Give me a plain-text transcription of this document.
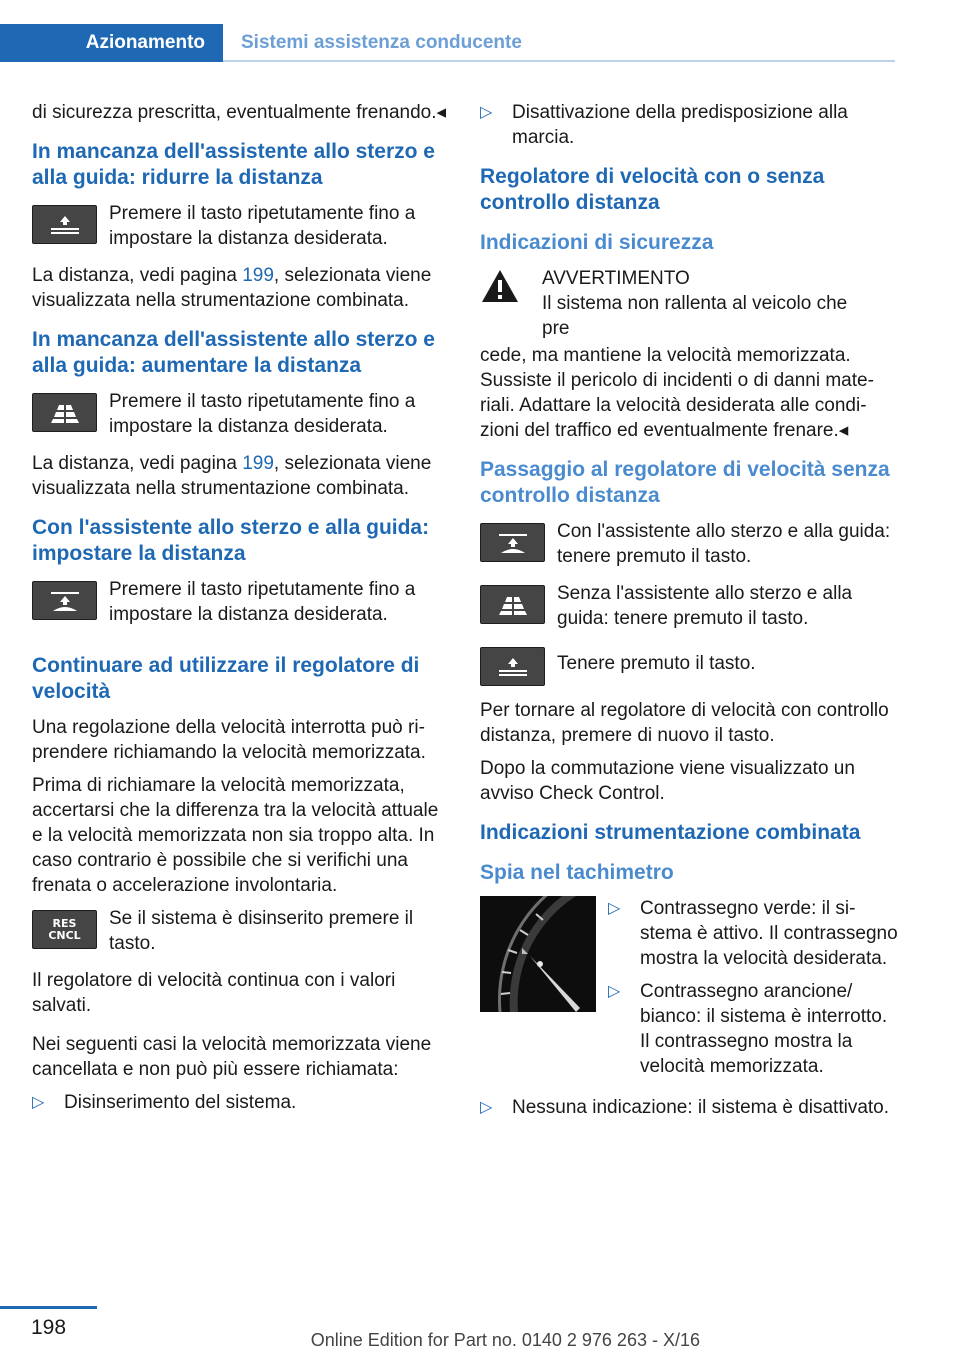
Azionamento	Sistemi assistenza conducente

di sicurezza prescritta, eventualmente frenando.◂

In mancanza dell'assistente allo sterzo e alla guida: ridurre la distanza
Premere il tasto ripetutamente fino a impostare la distanza desiderata.

La distanza, vedi pagina 199, selezionata viene visualizzata nella strumentazione combinata.

In mancanza dell'assistente allo sterzo e alla guida: aumentare la distanza
Premere il tasto ripetutamente fino a impostare la distanza desiderata.

La distanza, vedi pagina 199, selezionata viene visualizzata nella strumentazione combinata.

Con l'assistente allo sterzo e alla guida: impostare la distanza
Premere il tasto ripetutamente fino a impostare la distanza desiderata.
Continuare ad utilizzare il regolatore di velocità

Una regolazione della velocità interrotta può riprendere richiamando la velocità memorizzata.

Prima di richiamare la velocità memorizzata, accertarsi che la differenza tra la velocità attuale e la velocità memorizzata non sia troppo alta. In caso contrario è possibile che si verifichi una frenata o accelerazione involontaria.

RES
CNCL
Se il sistema è disinserito premere il tasto.

Il regolatore di velocità continua con i valori salvati.

Nei seguenti casi la velocità memorizzata viene cancellata e non può più essere richiamata:

▷ Disinserimento del sistema.
▷ Disattivazione della predisposizione alla marcia.
Regolatore di velocità con o senza controllo distanza
Indicazioni di sicurezza
AVVERTIMENTO
Il sistema non rallenta al veicolo che pre

cede, ma mantiene la velocità memorizzata. Sussiste il pericolo di incidenti o di danni materiali. Adattare la velocità desiderata alle condizioni del traffico ed eventualmente frenare.◂

Passaggio al regolatore di velocità senza controllo distanza
Con l'assistente allo sterzo e alla guida: tenere premuto il tasto.
Senza l'assistente allo sterzo e alla guida: tenere premuto il tasto.
Tenere premuto il tasto.

Per tornare al regolatore di velocità con controllo distanza, premere di nuovo il tasto.

Dopo la commutazione viene visualizzato un avviso Check Control.

Indicazioni strumentazione combinata
Spia nel tachimetro
▷ Contrassegno verde: il sistema è attivo. Il contrassegno mostra la velocità desiderata.
▷ Contrassegno arancione/ bianco: il sistema è interrotto. Il contrassegno mostra la velocità memorizzata.
▷ Nessuna indicazione: il sistema è disattivato.
198
Online Edition for Part no. 0140 2 976 263 - X/16
